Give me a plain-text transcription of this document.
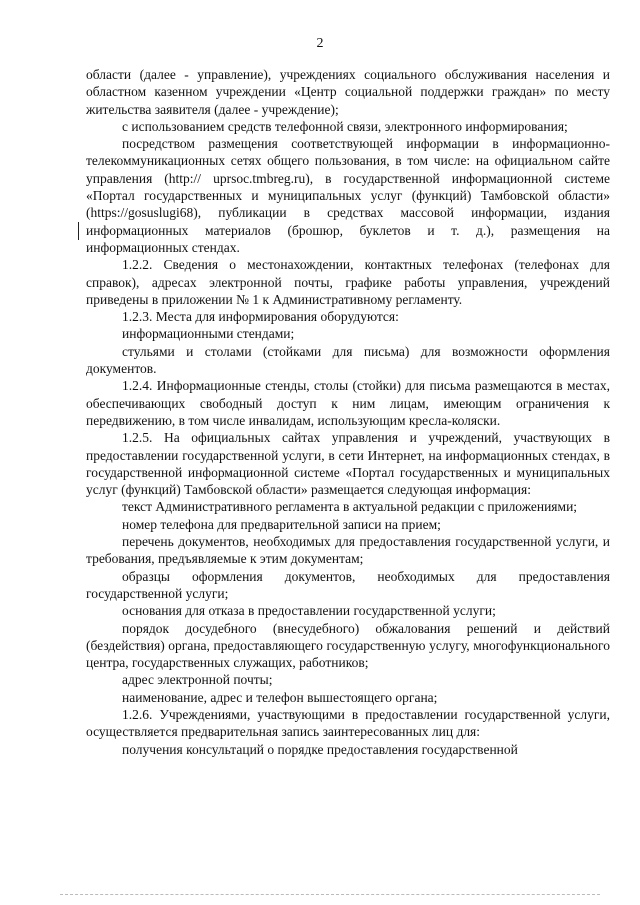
2

области (далее - управление), учреждениях социального обслуживания населения и областном казенном учреждении «Центр социальной поддержки граждан» по месту жительства заявителя (далее - учреждение);

с использованием средств телефонной связи, электронного информирования;

посредством размещения соответствующей информации в информационно-телекоммуникационных сетях общего пользования, в том числе: на официальном сайте управления (http:// uprsoc.tmbreg.ru), в государственной информационной системе «Портал государственных и муниципальных услуг (функций) Тамбовской области» (https://gosuslugi68), публикации в средствах массовой информации, издания информационных материалов (брошюр, буклетов и т. д.), размещения на информационных стендах.

1.2.2. Сведения о местонахождении, контактных телефонах (телефонах для справок), адресах электронной почты, графике работы управления, учреждений приведены в приложении № 1 к Административному регламенту.

1.2.3. Места для информирования оборудуются:

информационными стендами;

стульями и столами (стойками для письма) для возможности оформления документов.

1.2.4. Информационные стенды, столы (стойки) для письма размещаются в местах, обеспечивающих свободный доступ к ним лицам, имеющим ограничения к передвижению, в том числе инвалидам, использующим кресла-коляски.

1.2.5. На официальных сайтах управления и учреждений, участвующих в предоставлении государственной услуги, в сети Интернет, на информационных стендах, в государственной информационной системе «Портал государственных и муниципальных услуг (функций) Тамбовской области» размещается следующая информация:

текст Административного регламента в актуальной редакции с приложениями;

номер телефона для предварительной записи на прием;

перечень документов, необходимых для предоставления государственной услуги, и требования, предъявляемые к этим документам;

образцы оформления документов, необходимых для предоставления государственной услуги;

основания для отказа в предоставлении государственной услуги;

порядок досудебного (внесудебного) обжалования решений и действий (бездействия) органа, предоставляющего государственную услугу, многофункционального центра, государственных служащих, работников;

адрес электронной почты;

наименование, адрес и телефон вышестоящего органа;

1.2.6. Учреждениями, участвующими в предоставлении государственной услуги, осуществляется предварительная запись заинтересованных лиц для:

получения консультаций о порядке предоставления государственной
